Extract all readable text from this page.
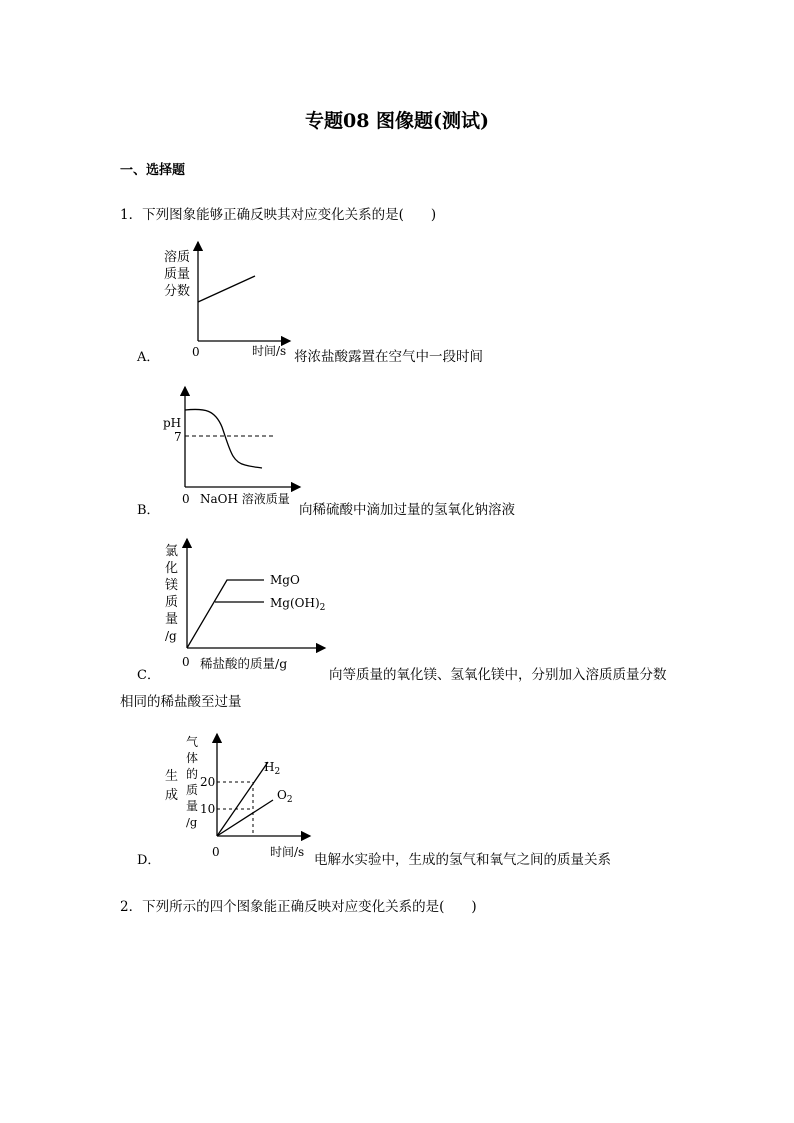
专题08 图像题(测试)
一、选择题
1．下列图象能够正确反映其对应变化关系的是(　　)
溶质
质量
分数
0	时间/s
A．	将浓盐酸露置在空气中一段时间
pH
7
0 NaOH 溶液质量
B．	向稀硫酸中滴加过量的氢氧化钠溶液
氯
化
镁
质
量
/g
MgO
$Mg(OH)_2$
0 稀盐酸的质量/g
C．	向等质量的氧化镁、氢氧化镁中，分别加入溶质质量分数
相同的稀盐酸至过量
生
成
气
体
的
质
量
/g
20
10
$H_2$
$O_2$
0	时间/s
D．	电解水实验中，生成的氢气和氧气之间的质量关系
2．下列所示的四个图象能正确反映对应变化关系的是(　　)
